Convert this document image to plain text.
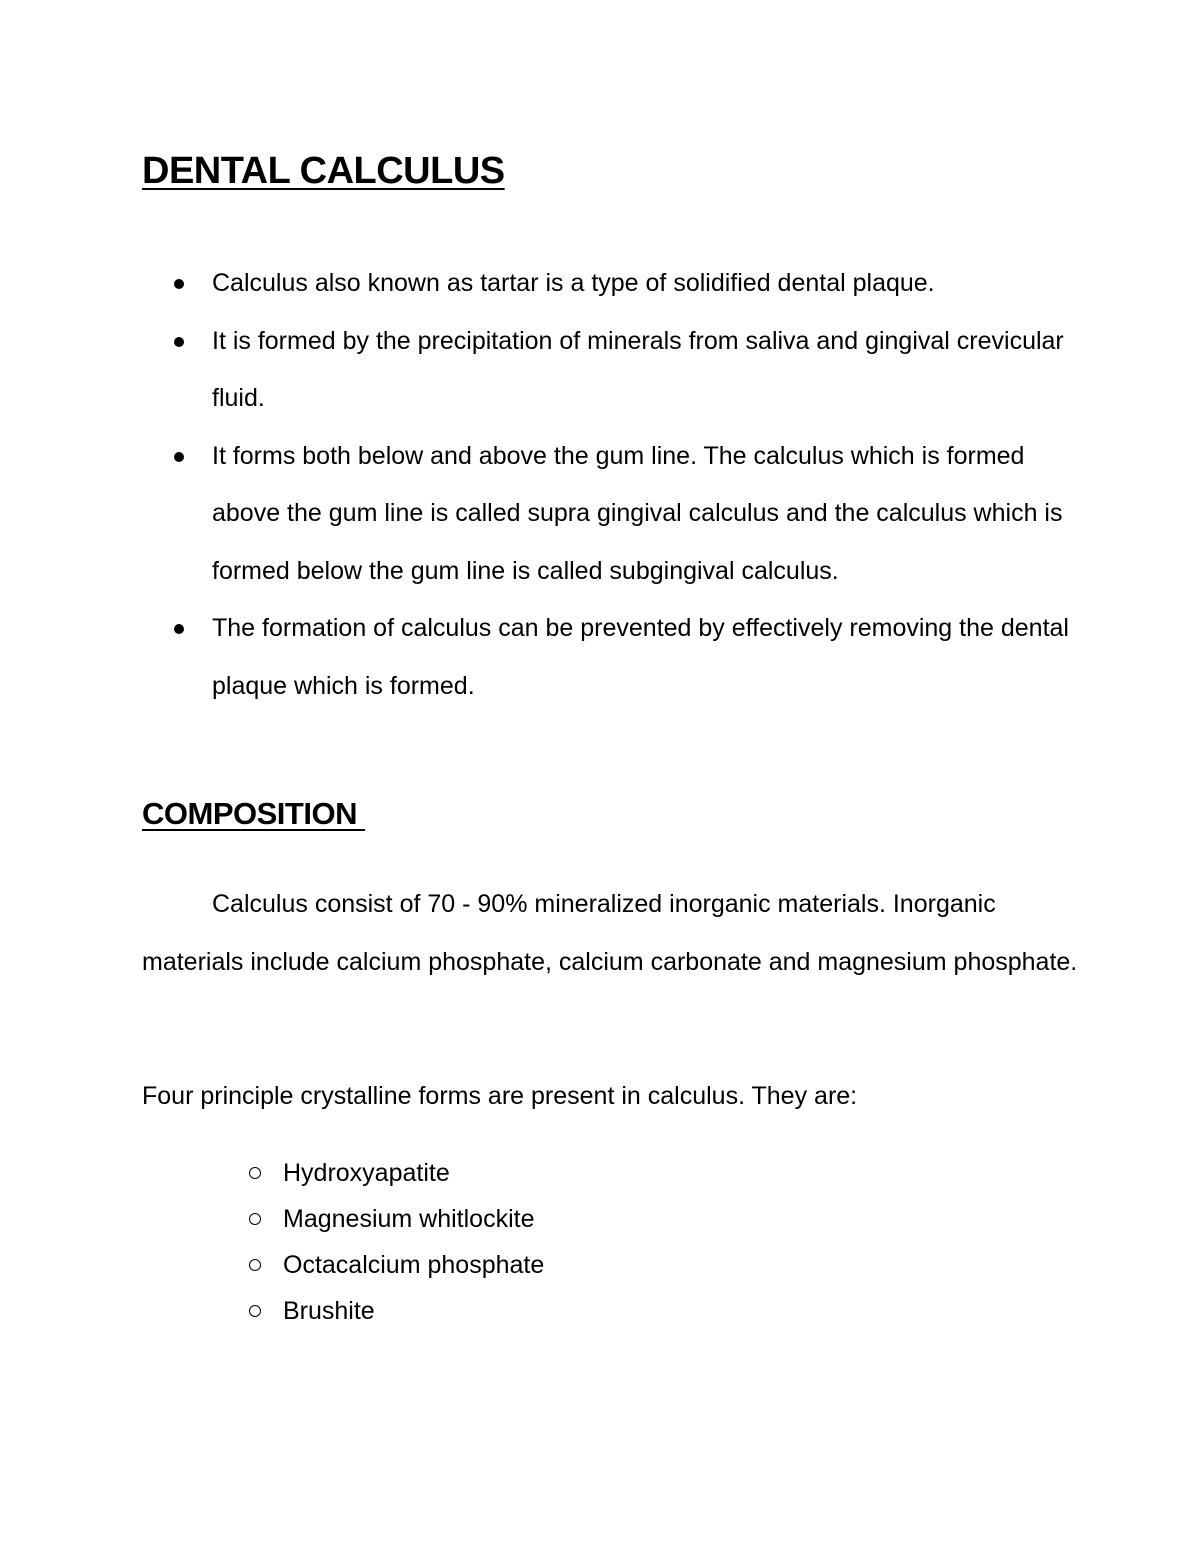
DENTAL CALCULUS
Calculus also known as tartar is a type of solidified dental plaque.
It is formed by the precipitation of minerals from saliva and gingival crevicular fluid.
It forms both below and above the gum line. The calculus which is formed above the gum line is called supra gingival calculus and the calculus which is formed below the gum line is called subgingival calculus.
The formation of calculus can be prevented by effectively removing the dental plaque which is formed.
COMPOSITION

Calculus consist of 70 - 90% mineralized inorganic materials. Inorganic materials include calcium phosphate, calcium carbonate and magnesium phosphate.

Four principle crystalline forms are present in calculus. They are:

Hydroxyapatite
Magnesium whitlockite
Octacalcium phosphate
Brushite
